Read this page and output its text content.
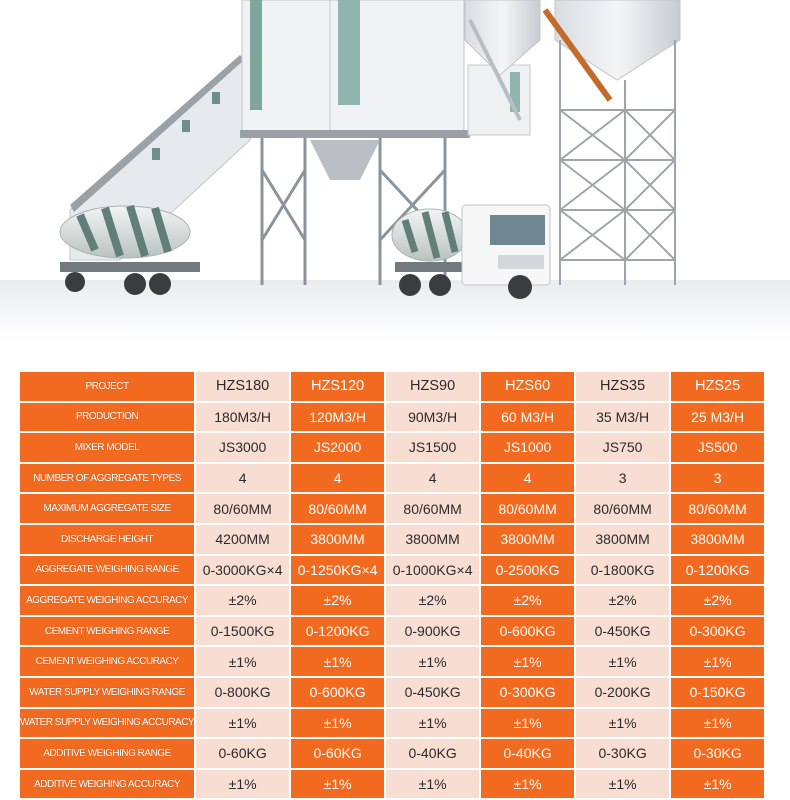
PROJECT	HZS180	HZS120	HZS90	HZS60	HZS35	HZS25
PRODUCTION	180M3/H	120M3/H	90M3/H	60 M3/H	35 M3/H	25 M3/H
MIXER MODEL	JS3000	JS2000	JS1500	JS1000	JS750	JS500
NUMBER OF AGGREGATE TYPES	4	4	4	4	3	3
MAXIMUM AGGREGATE SIZE	80/60MM	80/60MM	80/60MM	80/60MM	80/60MM	80/60MM
DISCHARGE HEIGHT	4200MM	3800MM	3800MM	3800MM	3800MM	3800MM
AGGREGATE WEIGHING RANGE	0-3000KG×4	0-1250KG×4	0-1000KG×4	0-2500KG	0-1800KG	0-1200KG
AGGREGATE WEIGHING ACCURACY	±2%	±2%	±2%	±2%	±2%	±2%
CEMENT WEIGHING RANGE	0-1500KG	0-1200KG	0-900KG	0-600KG	0-450KG	0-300KG
CEMENT WEIGHING ACCURACY	±1%	±1%	±1%	±1%	±1%	±1%
WATER SUPPLY WEIGHING RANGE	0-800KG	0-600KG	0-450KG	0-300KG	0-200KG	0-150KG
WATER SUPPLY WEIGHING ACCURACY	±1%	±1%	±1%	±1%	±1%	±1%
ADDITIVE WEIGHING RANGE	0-60KG	0-60KG	0-40KG	0-40KG	0-30KG	0-30KG
ADDITIVE WEIGHING ACCURACY	±1%	±1%	±1%	±1%	±1%	±1%
